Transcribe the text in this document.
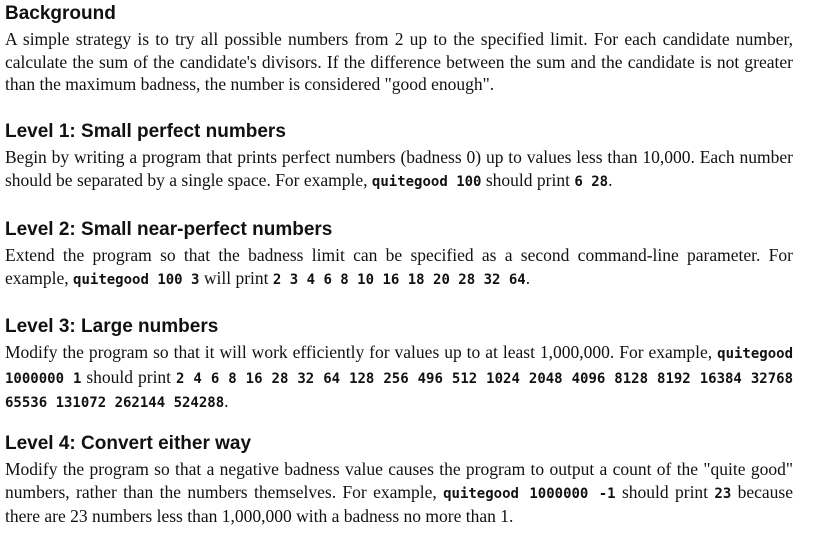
Background

A simple strategy is to try all possible numbers from 2 up to the specified limit. For each candidate number, calculate the sum of the candidate's divisors. If the difference between the sum and the candidate is not greater than the maximum badness, the number is considered "good enough".

Level 1: Small perfect numbers

Begin by writing a program that prints perfect numbers (badness 0) up to values less than 10,000. Each number should be separated by a single space. For example, quitegood 100 should print 6 28.

Level 2: Small near-perfect numbers

Extend the program so that the badness limit can be specified as a second command-line parameter. For example, quitegood 100 3 will print 2 3 4 6 8 10 16 18 20 28 32 64.

Level 3: Large numbers

Modify the program so that it will work efficiently for values up to at least 1,000,000. For example, quitegood 1000000 1 should print 2 4 6 8 16 28 32 64 128 256 496 512 1024 2048 4096 8128 8192 16384 32768 65536 131072 262144 524288.

Level 4: Convert either way

Modify the program so that a negative badness value causes the program to output a count of the "quite good" numbers, rather than the numbers themselves. For example, quitegood 1000000 -1 should print 23 because there are 23 numbers less than 1,000,000 with a badness no more than 1.
